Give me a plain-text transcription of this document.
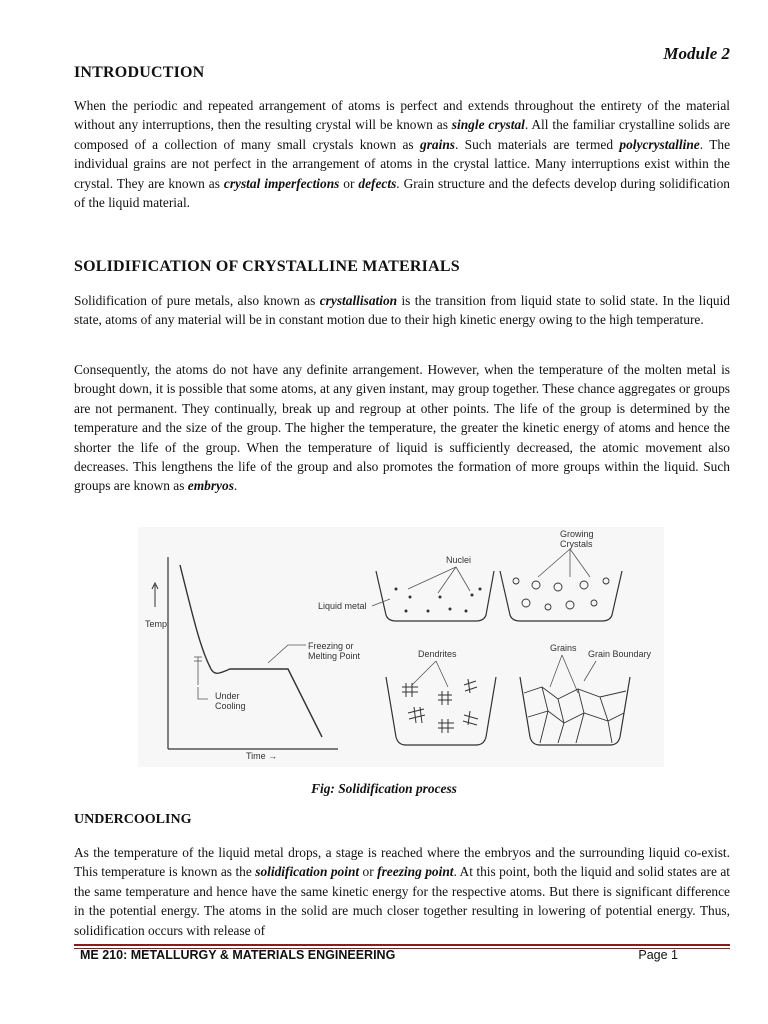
Module 2
INTRODUCTION

When the periodic and repeated arrangement of atoms is perfect and extends throughout the entirety of the material without any interruptions, then the resulting crystal will be known as single crystal. All the familiar crystalline solids are composed of a collection of many small crystals known as grains. Such materials are termed polycrystalline. The individual grains are not perfect in the arrangement of atoms in the crystal lattice. Many interruptions exist within the crystal. They are known as crystal imperfections or defects. Grain structure and the defects develop during solidification of the liquid material.

SOLIDIFICATION OF CRYSTALLINE MATERIALS

Solidification of pure metals, also known as crystallisation is the transition from liquid state to solid state. In the liquid state, atoms of any material will be in constant motion due to their high kinetic energy owing to the high temperature.

Consequently, the atoms do not have any definite arrangement. However, when the temperature of the molten metal is brought down, it is possible that some atoms, at any given instant, may group together. These chance aggregates or groups are not permanent. They continually, break up and regroup at other points. The life of the group is determined by the temperature and the size of the group. The higher the temperature, the greater the kinetic energy of atoms and hence the shorter the life of the group. When the temperature of liquid is sufficiently decreased, the atomic movement also decreases. This lengthens the life of the group and also promotes the formation of more groups within the liquid. Such groups are known as embryos.

Temp
Time →
Under
Cooling
Freezing or
Melting Point
Liquid metal
Nuclei
Growing
Crystals
Dendrites
Grains
Grain Boundary
Fig: Solidification process
UNDERCOOLING

As the temperature of the liquid metal drops, a stage is reached where the embryos and the surrounding liquid co-exist. This temperature is known as the solidification point or freezing point. At this point, both the liquid and solid states are at the same temperature and hence have the same kinetic energy for the respective atoms. But there is significant difference in the potential energy. The atoms in the solid are much closer together resulting in lowering of potential energy. Thus, solidification occurs with release of

ME 210: METALLURGY & MATERIALS ENGINEERING	Page 1
